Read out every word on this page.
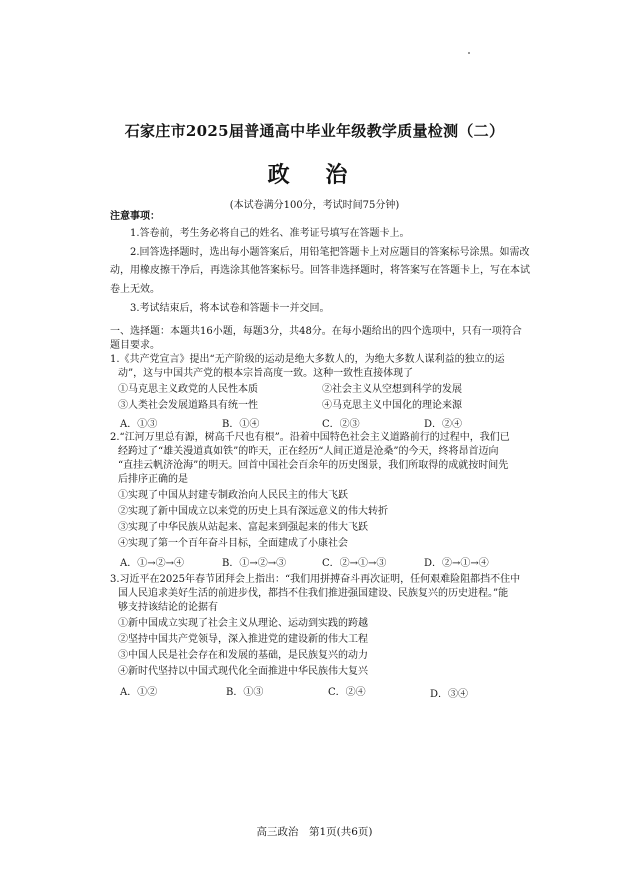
石家庄市2025届普通高中毕业年级教学质量检测（二）
政 治
(本试卷满分100分，考试时间75分钟)
注意事项：
1.答卷前，考生务必将自己的姓名、准考证号填写在答题卡上。
2.回答选择题时，选出每小题答案后，用铅笔把答题卡上对应题目的答案标号涂黑。如需改
动，用橡皮擦干净后，再选涂其他答案标号。回答非选择题时，将答案写在答题卡上，写在本试
卷上无效。
3.考试结束后，将本试卷和答题卡一并交回。
一、选择题：本题共16小题，每题3分，共48分。在每小题给出的四个选项中，只有一项符合
题目要求。
1.《共产党宣言》提出“无产阶级的运动是绝大多数人的，为绝大多数人谋利益的独立的运
动”，这与中国共产党的根本宗旨高度一致。这种一致性直接体现了
①马克思主义政党的人民性本质	②社会主义从空想到科学的发展
③人类社会发展道路具有统一性	④马克思主义中国化的理论来源
A．①③	B．①④	C．②③	D．②④
2.“江河万里总有源，树高千尺也有根”。沿着中国特色社会主义道路前行的过程中，我们已
经跨过了“雄关漫道真如铁”的昨天，正在经历“人间正道是沧桑”的今天，终将昂首迈向
“直挂云帆济沧海”的明天。回首中国社会百余年的历史图景，我们所取得的成就按时间先
后排序正确的是
①实现了中国从封建专制政治向人民民主的伟大飞跃
②实现了新中国成立以来党的历史上具有深远意义的伟大转折
③实现了中华民族从站起来、富起来到强起来的伟大飞跃
④实现了第一个百年奋斗目标，全面建成了小康社会
A．①→②→④	B．①→②→③	C．②→①→③	D．②→①→④
3.习近平在2025年春节团拜会上指出：“我们用拼搏奋斗再次证明，任何艰难险阻都挡不住中
国人民追求美好生活的前进步伐，都挡不住我们推进强国建设、民族复兴的历史进程。”能
够支持该结论的论据有
①新中国成立实现了社会主义从理论、运动到实践的跨越
②坚持中国共产党领导，深入推进党的建设新的伟大工程
③中国人民是社会存在和发展的基础，是民族复兴的动力
④新时代坚持以中国式现代化全面推进中华民族伟大复兴
A．①②	B．①③	C．②④	D．③④
高三政治　第1页(共6页)
